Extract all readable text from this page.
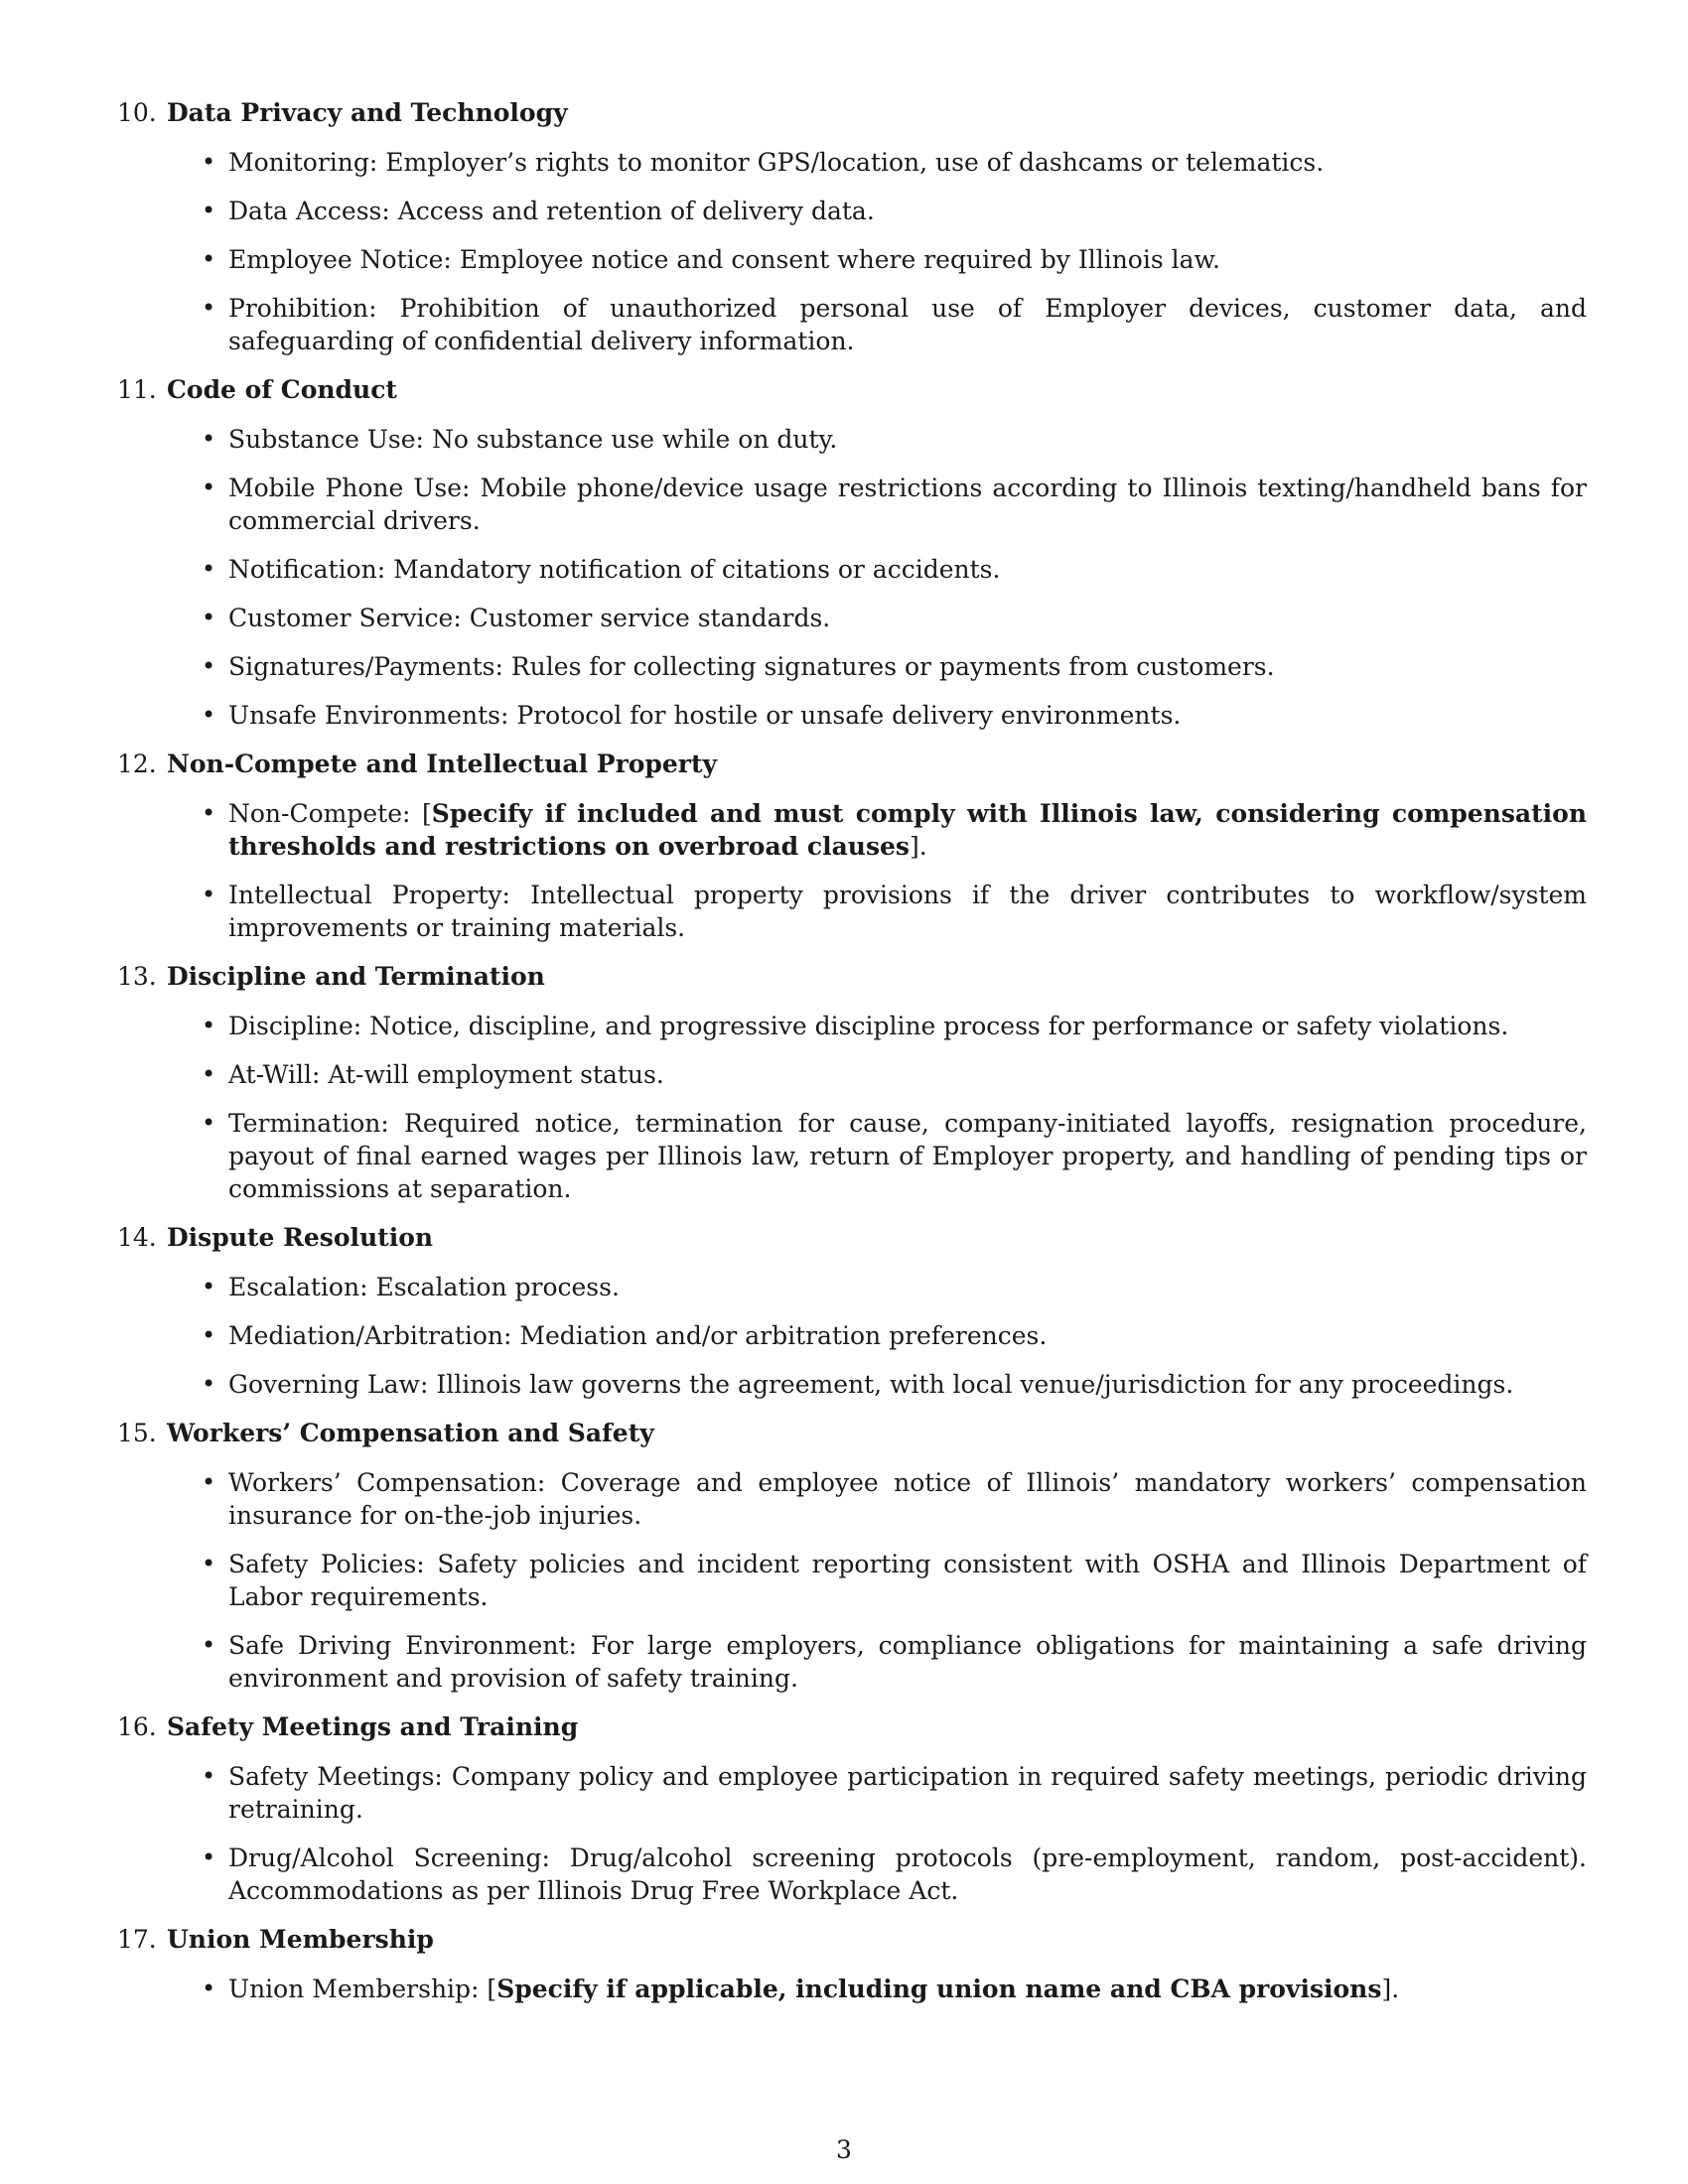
10. Data Privacy and Technology
• Monitoring: Employer’s rights to monitor GPS/location, use of dashcams or telematics.
• Data Access: Access and retention of delivery data.
• Employee Notice: Employee notice and consent where required by Illinois law.
• Prohibition: Prohibition of unauthorized personal use of Employer devices, customer data, and safeguarding of confidential delivery information.
11. Code of Conduct
• Substance Use: No substance use while on duty.
• Mobile Phone Use: Mobile phone/device usage restrictions according to Illinois texting/handheld bans for commercial drivers.
• Notification: Mandatory notification of citations or accidents.
• Customer Service: Customer service standards.
• Signatures/Payments: Rules for collecting signatures or payments from customers.
• Unsafe Environments: Protocol for hostile or unsafe delivery environments.
12. Non-Compete and Intellectual Property
• Non-Compete: [Specify if included and must comply with Illinois law, considering compensation thresholds and restrictions on overbroad clauses].
• Intellectual Property: Intellectual property provisions if the driver contributes to workflow/system improvements or training materials.
13. Discipline and Termination
• Discipline: Notice, discipline, and progressive discipline process for performance or safety violations.
• At-Will: At-will employment status.
• Termination: Required notice, termination for cause, company-initiated layoffs, resignation procedure, payout of final earned wages per Illinois law, return of Employer property, and handling of pending tips or commissions at separation.
14. Dispute Resolution
• Escalation: Escalation process.
• Mediation/Arbitration: Mediation and/or arbitration preferences.
• Governing Law: Illinois law governs the agreement, with local venue/jurisdiction for any proceedings.
15. Workers’ Compensation and Safety
• Workers’ Compensation: Coverage and employee notice of Illinois’ mandatory workers’ compensation insurance for on-the-job injuries.
• Safety Policies: Safety policies and incident reporting consistent with OSHA and Illinois Department of Labor requirements.
• Safe Driving Environment: For large employers, compliance obligations for maintaining a safe driving environment and provision of safety training.
16. Safety Meetings and Training
• Safety Meetings: Company policy and employee participation in required safety meetings, periodic driving retraining.
• Drug/Alcohol Screening: Drug/alcohol screening protocols (pre-employment, random, post-accident). Accommodations as per Illinois Drug Free Workplace Act.
17. Union Membership
• Union Membership: [Specify if applicable, including union name and CBA provisions].
3
